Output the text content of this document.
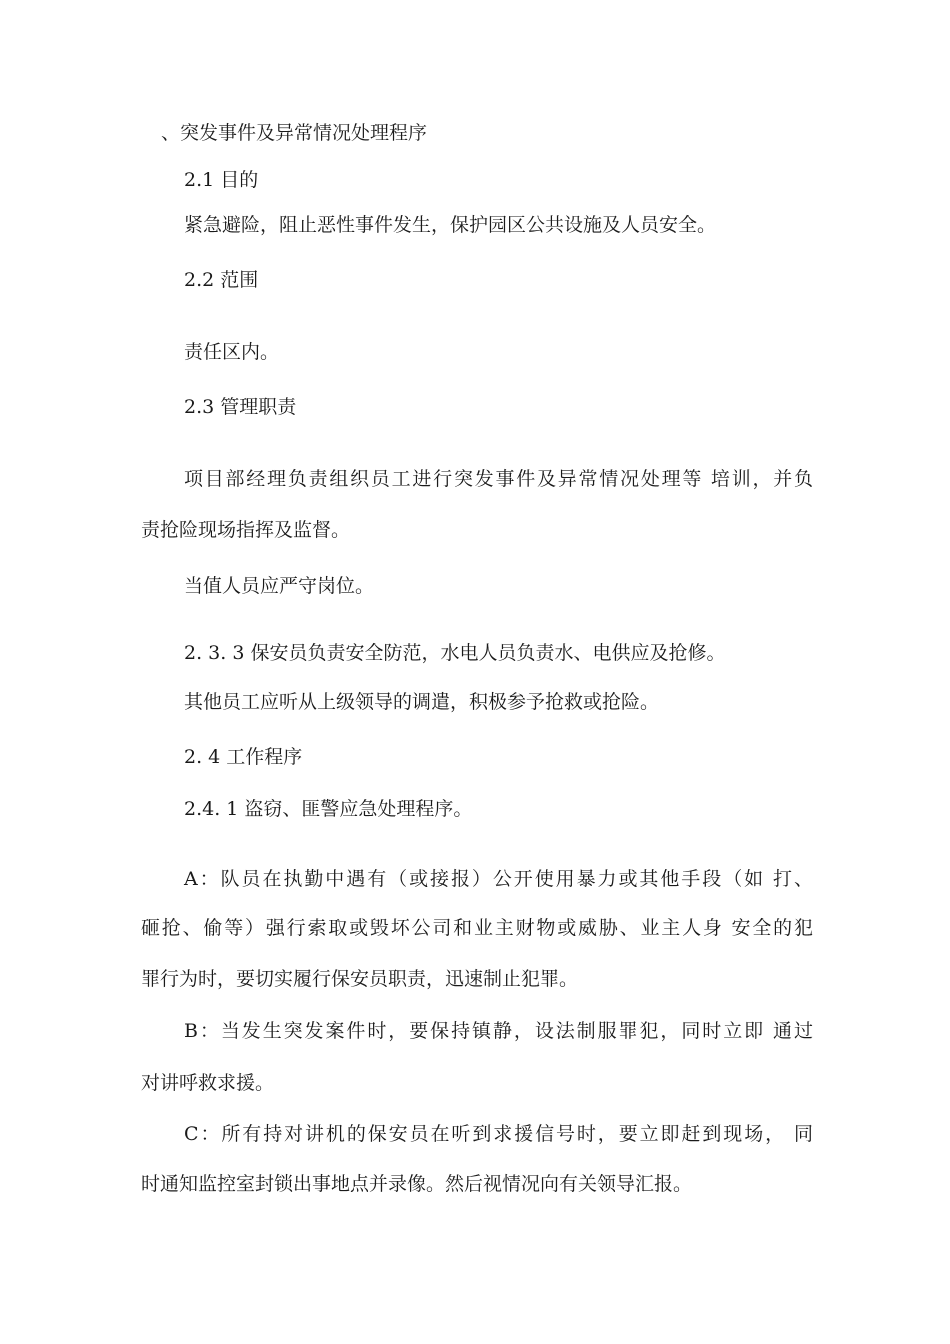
、突发事件及异常情况处理程序
2.1 目的
紧急避险，阻止恶性事件发生，保护园区公共设施及人员安全。
2.2 范围
责任区内。
2.3 管理职责
项目部经理负责组织员工进行突发事件及异常情况处理等 培训，并负
责抢险现场指挥及监督。
当值人员应严守岗位。
2. 3. 3 保安员负责安全防范，水电人员负责水、电供应及抢修。
其他员工应听从上级领导的调遣，积极参予抢救或抢险。
2. 4 工作程序
2.4. 1 盗窃、匪警应急处理程序。
A：队员在执勤中遇有（或接报）公开使用暴力或其他手段（如 打、
砸抢、偷等）强行索取或毁坏公司和业主财物或威胁、业主人身 安全的犯
罪行为时，要切实履行保安员职责，迅速制止犯罪。
B：当发生突发案件时，要保持镇静，设法制服罪犯，同时立即 通过
对讲呼救求援。
C：所有持对讲机的保安员在听到求援信号时，要立即赶到现场， 同
时通知监控室封锁出事地点并录像。然后视情况向有关领导汇报。
